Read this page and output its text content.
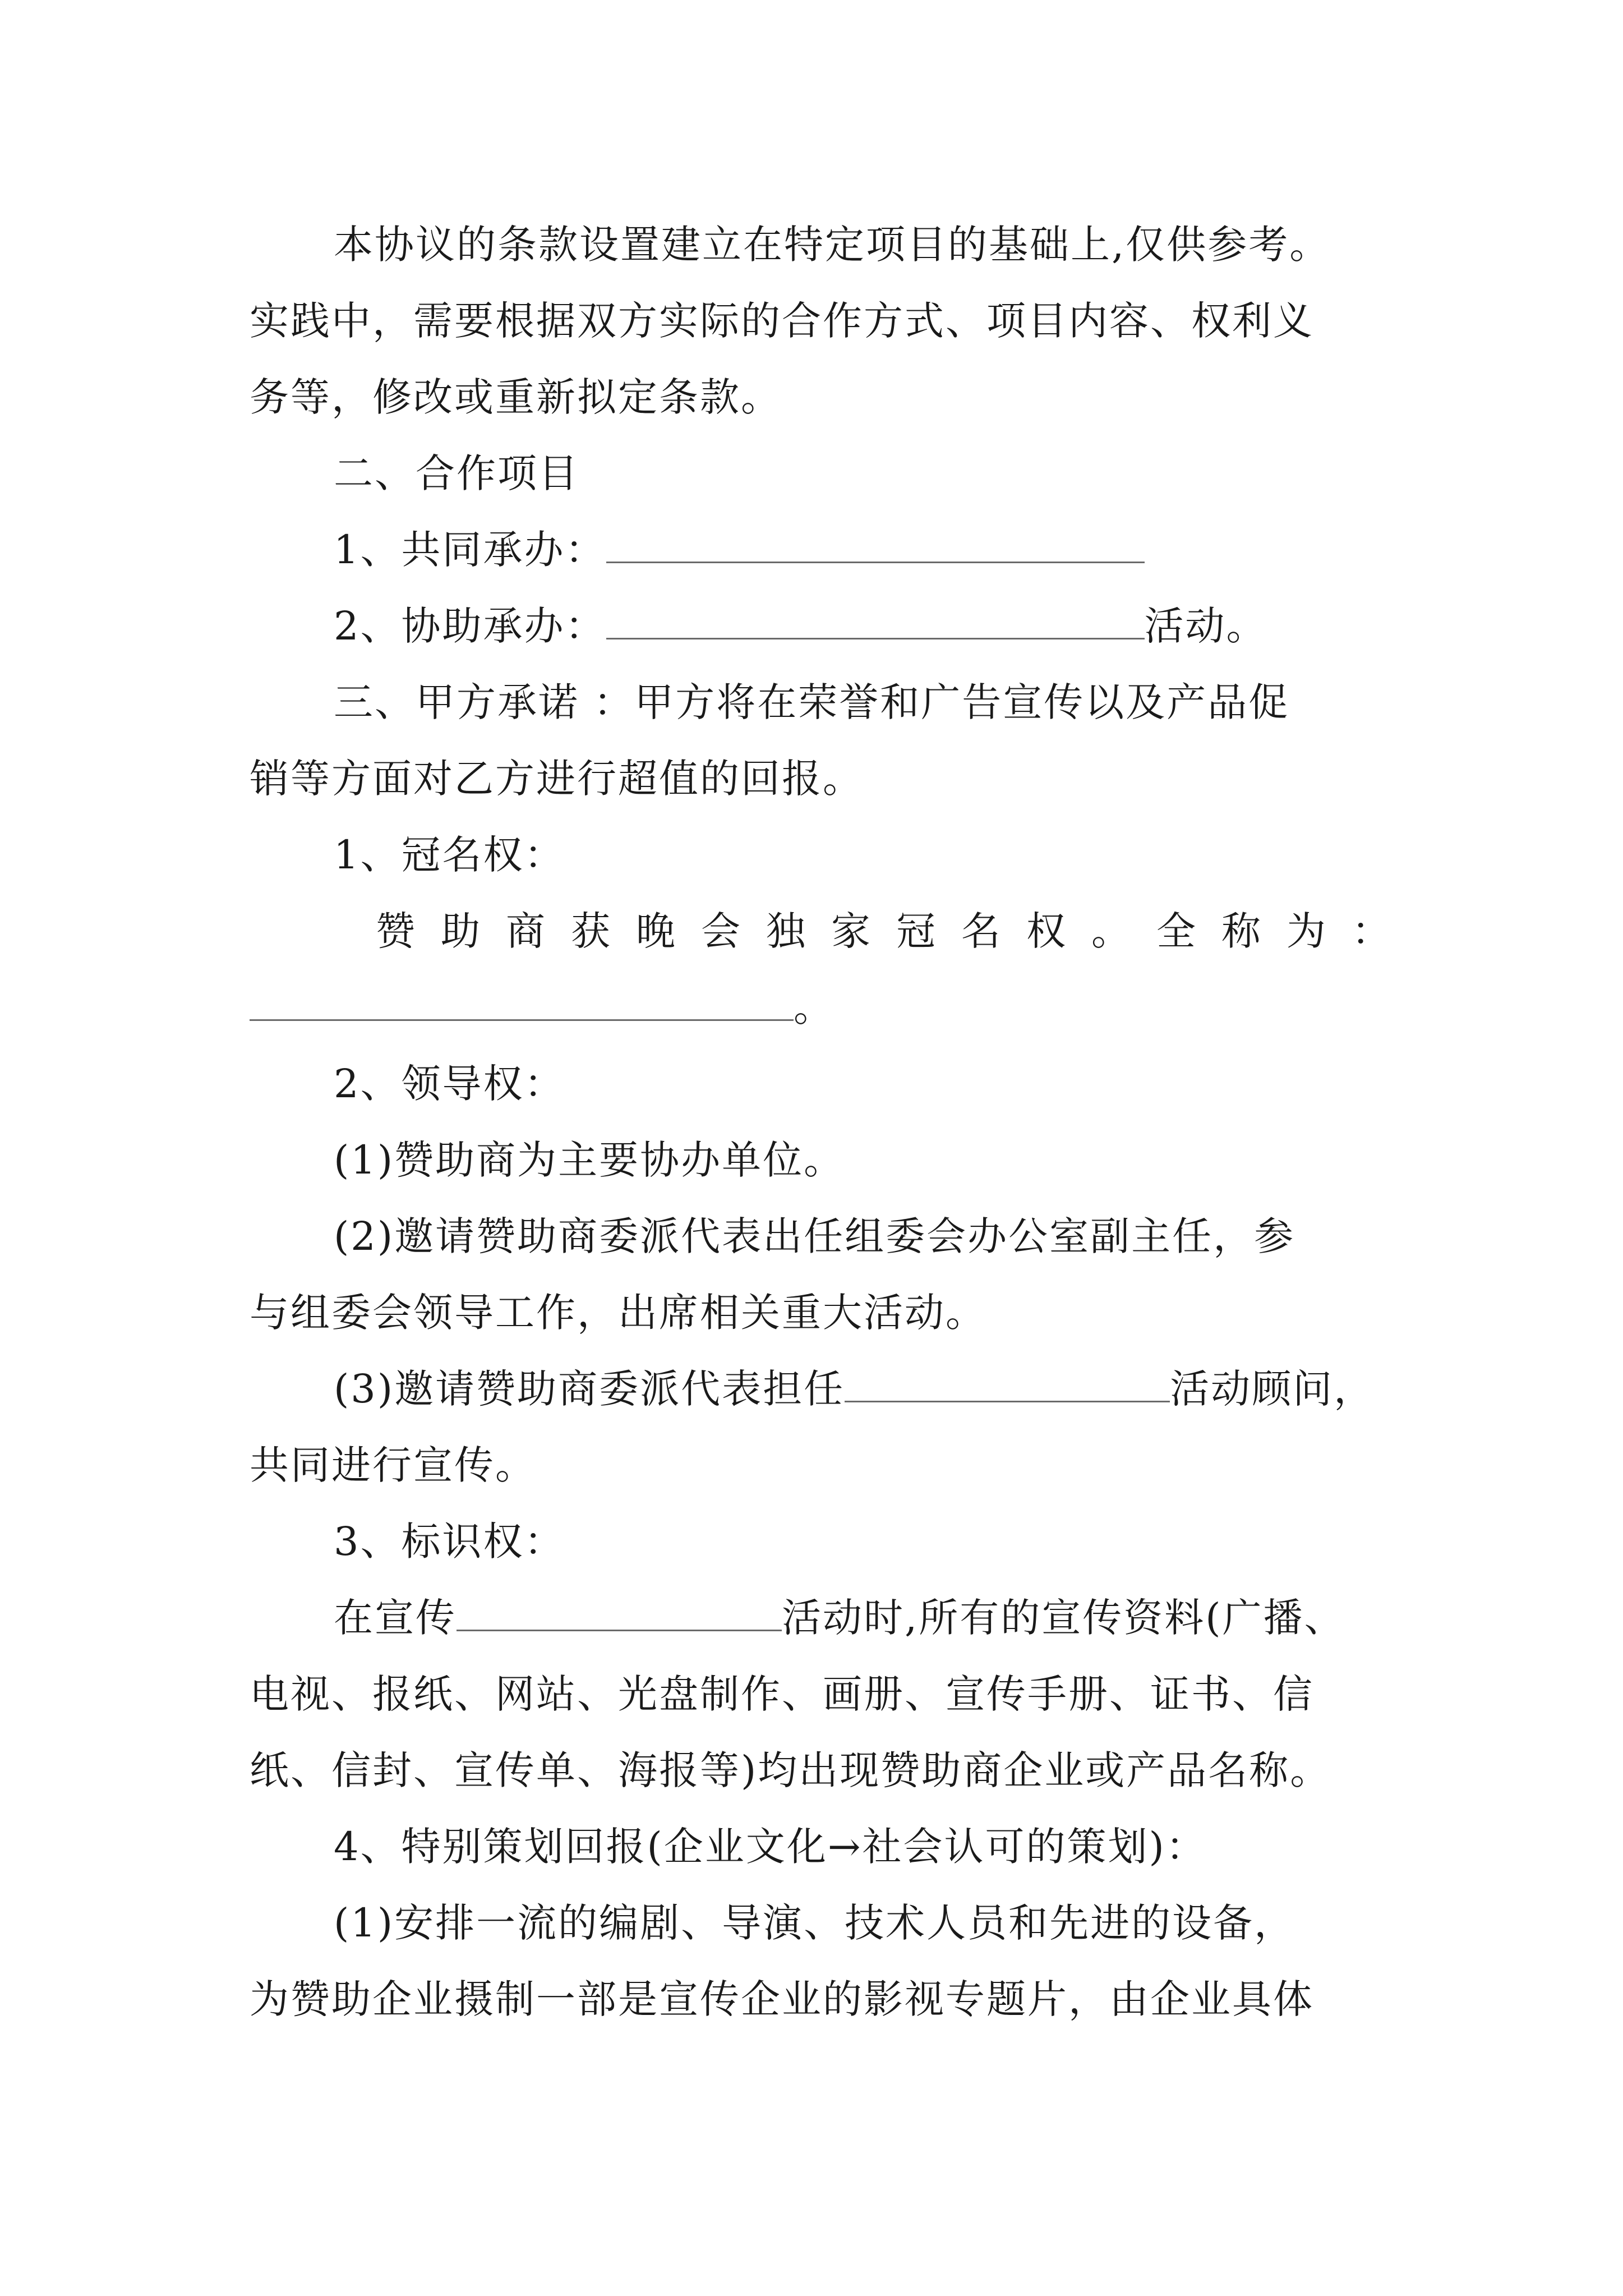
本协议的条款设置建立在特定项目的基础上,仅供参考。
实践中，需要根据双方实际的合作方式、项目内容、权利义
务等，修改或重新拟定条款。
二、合作项目
1、共同承办：
2、协助承办：	活动。
三、甲方承诺 ：甲方将在荣誉和广告宣传以及产品促
销等方面对乙方进行超值的回报。
1、冠名权：
赞助商获晚会独家冠名权。全称为：
。
2、领导权：
(1)赞助商为主要协办单位。
(2)邀请赞助商委派代表出任组委会办公室副主任，参
与组委会领导工作，出席相关重大活动。
(3)邀请赞助商委派代表担任	活动顾问，
共同进行宣传。
3、标识权：
在宣传	活动时,所有的宣传资料(广播、
电视、报纸、网站、光盘制作、画册、宣传手册、证书、信
纸、信封、宣传单、海报等)均出现赞助商企业或产品名称。
4、特别策划回报(企业文化→社会认可的策划)：
(1)安排一流的编剧、导演、技术人员和先进的设备，
为赞助企业摄制一部是宣传企业的影视专题片，由企业具体
